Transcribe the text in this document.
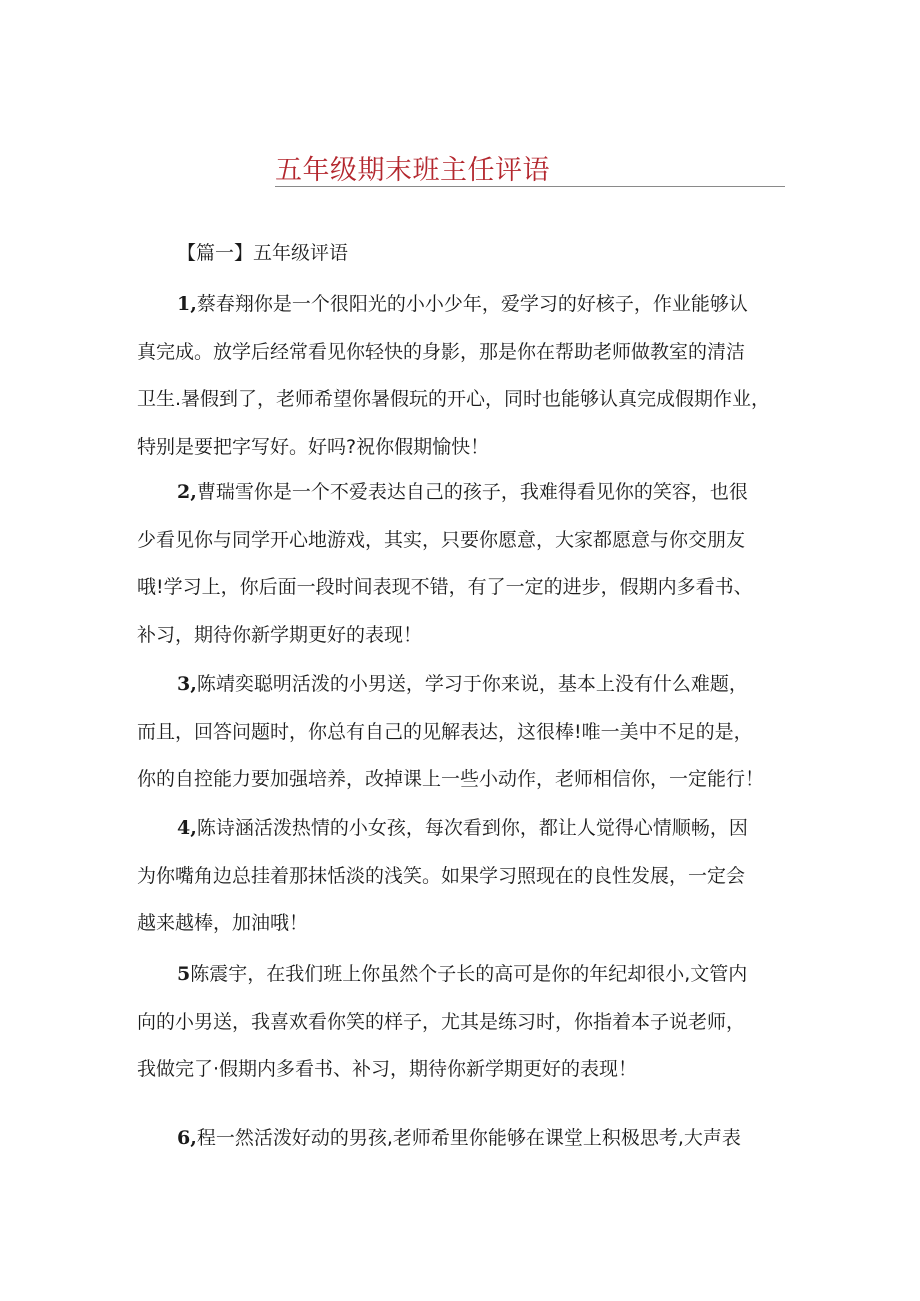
五年级期末班主任评语

【篇一】五年级评语

1,蔡春翔你是一个很阳光的小小少年，爱学习的好核子，作业能够认
真完成。放学后经常看见你轻快的身影，那是你在帮助老师做教室的清洁
卫生.暑假到了，老师希望你暑假玩的开心，同时也能够认真完成假期作业，
特别是要把字写好。好吗?祝你假期愉快！

2,曹瑞雪你是一个不爱表达自己的孩子，我难得看见你的笑容，也很
少看见你与同学开心地游戏，其实，只要你愿意，大家都愿意与你交朋友
哦!学习上，你后面一段时间表现不错，有了一定的进步，假期内多看书、
补习，期待你新学期更好的表现！

3,陈靖奕聪明活泼的小男送，学习于你来说，基本上没有什么难题，
而且，回答问题时，你总有自己的见解表达，这很棒!唯一美中不足的是，
你的自控能力要加强培养，改掉课上一些小动作，老师相信你，一定能行！

4,陈诗涵活泼热情的小女孩，每次看到你，都让人觉得心情顺畅，因
为你嘴角边总挂着那抹恬淡的浅笑。如果学习照现在的良性发展，一定会
越来越棒，加油哦！

5陈震宇，在我们班上你虽然个子长的高可是你的年纪却很小,文管内
向的小男送，我喜欢看你笑的样子，尤其是练习时，你指着本子说老师，
我做完了·假期内多看书、补习，期待你新学期更好的表现！

6,程一然活泼好动的男孩,老师希里你能够在课堂上积极思考,大声表
